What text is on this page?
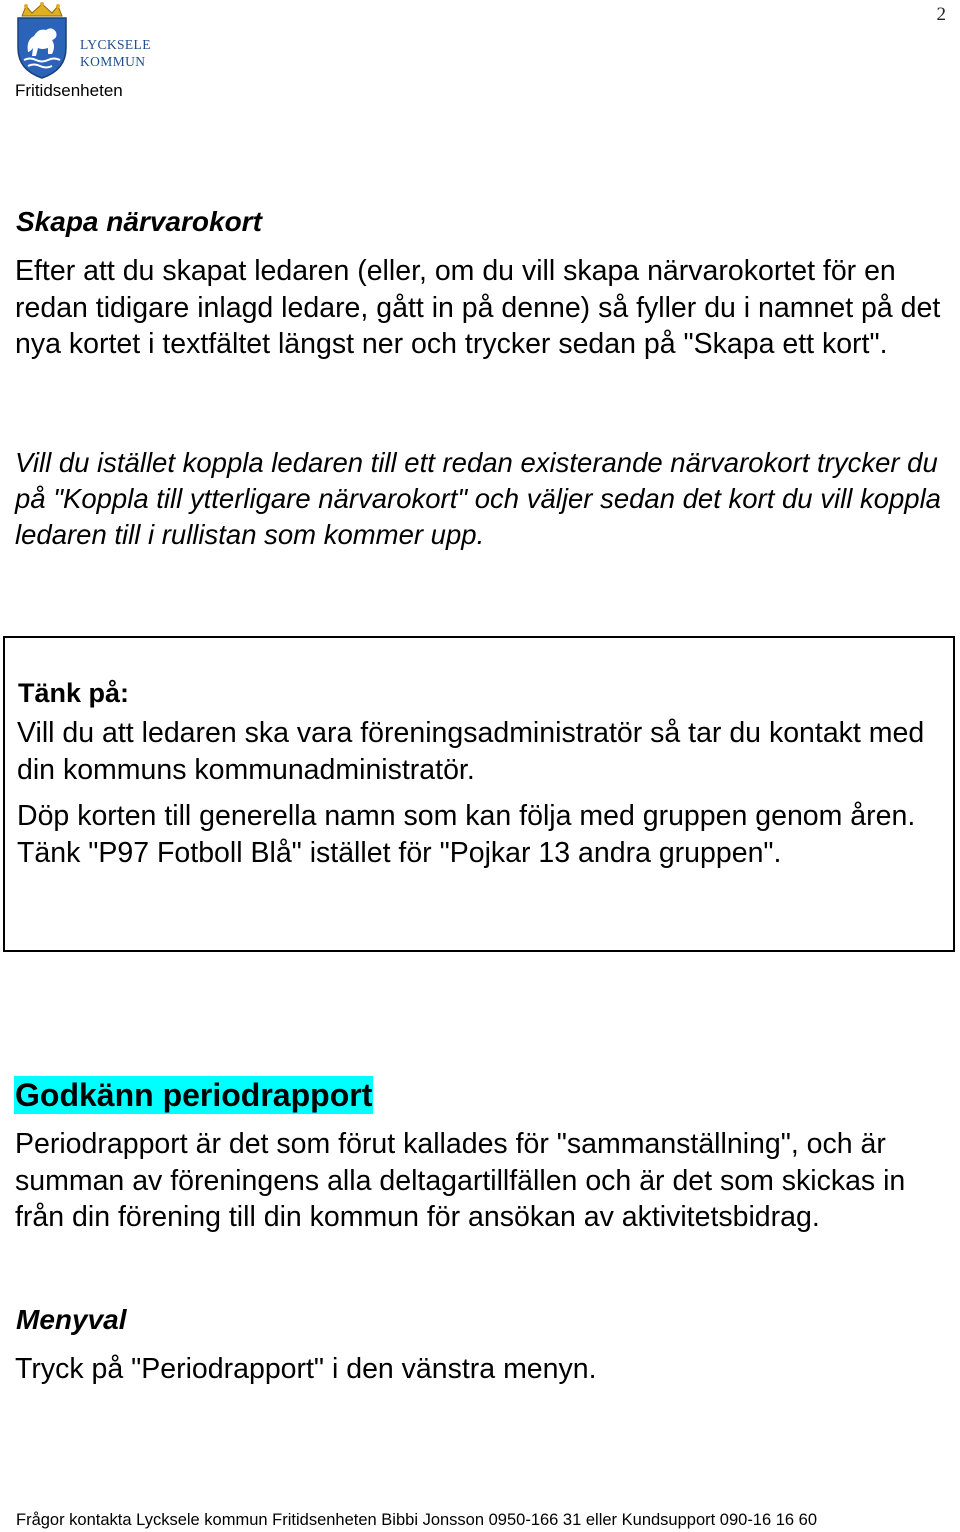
2
LYCKSELE
KOMMUN
Fritidsenheten
Skapa närvarokort

Efter att du skapat ledaren (eller, om du vill skapa närvarokortet för en redan tidigare inlagd ledare, gått in på denne) så fyller du i namnet på det nya kortet i textfältet längst ner och trycker sedan på "Skapa ett kort".

Vill du istället koppla ledaren till ett redan existerande närvarokort trycker du på "Koppla till ytterligare närvarokort" och väljer sedan det kort du vill koppla ledaren till i rullistan som kommer upp.

Tänk på:

Vill du att ledaren ska vara föreningsadministratör så tar du kontakt med din kommuns kommunadministratör.

Döp korten till generella namn som kan följa med gruppen genom åren. Tänk "P97 Fotboll Blå" istället för "Pojkar 13 andra gruppen".

Godkänn periodrapport

Periodrapport är det som förut kallades för "sammanställning", och är summan av föreningens alla deltagartillfällen och är det som skickas in från din förening till din kommun för ansökan av aktivitetsbidrag.

Menyval

Tryck på "Periodrapport" i den vänstra menyn.

Frågor kontakta Lycksele kommun Fritidsenheten Bibbi Jonsson 0950-166 31 eller Kundsupport 090-16 16 60
